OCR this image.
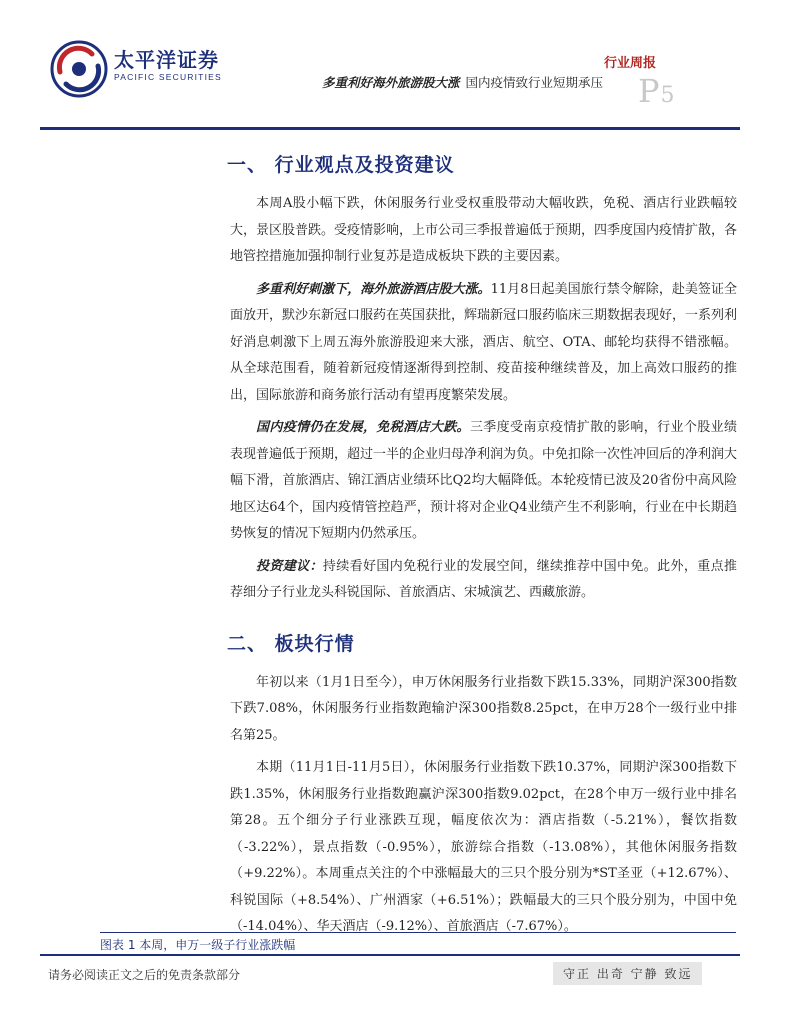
太平洋证券
PACIFIC SECURITIES
行业周报
多重利好海外旅游股大涨 国内疫情致行业短期承压 P5
一、 行业观点及投资建议

本周A股小幅下跌，休闲服务行业受权重股带动大幅收跌，免税、酒店行业跌幅较大，景区股普跌。受疫情影响，上市公司三季报普遍低于预期，四季度国内疫情扩散，各地管控措施加强抑制行业复苏是造成板块下跌的主要因素。

多重利好刺激下，海外旅游酒店股大涨。11月8日起美国旅行禁令解除，赴美签证全面放开，默沙东新冠口服药在英国获批，辉瑞新冠口服药临床三期数据表现好，一系列利好消息刺激下上周五海外旅游股迎来大涨，酒店、航空、OTA、邮轮均获得不错涨幅。从全球范围看，随着新冠疫情逐渐得到控制、疫苗接种继续普及，加上高效口服药的推出，国际旅游和商务旅行活动有望再度繁荣发展。

国内疫情仍在发展，免税酒店大跌。三季度受南京疫情扩散的影响，行业个股业绩表现普遍低于预期，超过一半的企业归母净利润为负。中免扣除一次性冲回后的净利润大幅下滑，首旅酒店、锦江酒店业绩环比Q2均大幅降低。本轮疫情已波及20省份中高风险地区达64个，国内疫情管控趋严，预计将对企业Q4业绩产生不利影响，行业在中长期趋势恢复的情况下短期内仍然承压。

投资建议：持续看好国内免税行业的发展空间，继续推荐中国中免。此外，重点推荐细分子行业龙头科锐国际、首旅酒店、宋城演艺、西藏旅游。

二、 板块行情

年初以来（1月1日至今），申万休闲服务行业指数下跌15.33%，同期沪深300指数下跌7.08%，休闲服务行业指数跑输沪深300指数8.25pct，在申万28个一级行业中排名第25。

本期（11月1日-11月5日），休闲服务行业指数下跌10.37%，同期沪深300指数下跌1.35%，休闲服务行业指数跑赢沪深300指数9.02pct，在28个申万一级行业中排名第28。五个细分子行业涨跌互现，幅度依次为：酒店指数（-5.21%），餐饮指数（-3.22%），景点指数（-0.95%），旅游综合指数（-13.08%），其他休闲服务指数（+9.22%）。本周重点关注的个中涨幅最大的三只个股分别为*ST圣亚（+12.67%）、科锐国际（+8.54%）、广州酒家（+6.51%）；跌幅最大的三只个股分别为，中国中免（-14.04%）、华天酒店（-9.12%）、首旅酒店（-7.67%）。

图表 1 本周，申万一级子行业涨跌幅
请务必阅读正文之后的免责条款部分	守正 出奇 宁静 致远
